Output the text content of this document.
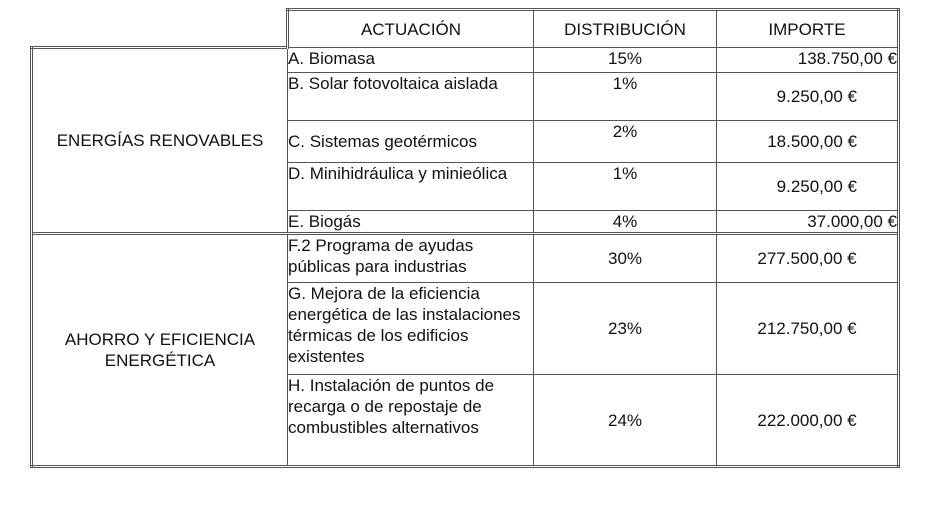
	ACTUACIÓN	DISTRIBUCIÓN	IMPORTE
ENERGÍAS RENOVABLES	A. Biomasa	15%	138.750,00 €
	B. Solar fotovoltaica aislada	1%	9.250,00 €
	C. Sistemas geotérmicos	2%	18.500,00 €
	D. Minihidráulica y minieólica	1%	9.250,00 €
	E. Biogás	4%	37.000,00 €
AHORRO Y EFICIENCIA ENERGÉTICA	F.2 Programa de ayudas públicas para industrias	30%	277.500,00 €
	G. Mejora de la eficiencia energética de las instalaciones térmicas de los edificios existentes	23%	212.750,00 €
	H. Instalación de puntos de recarga o de repostaje de combustibles alternativos	24%	222.000,00 €
